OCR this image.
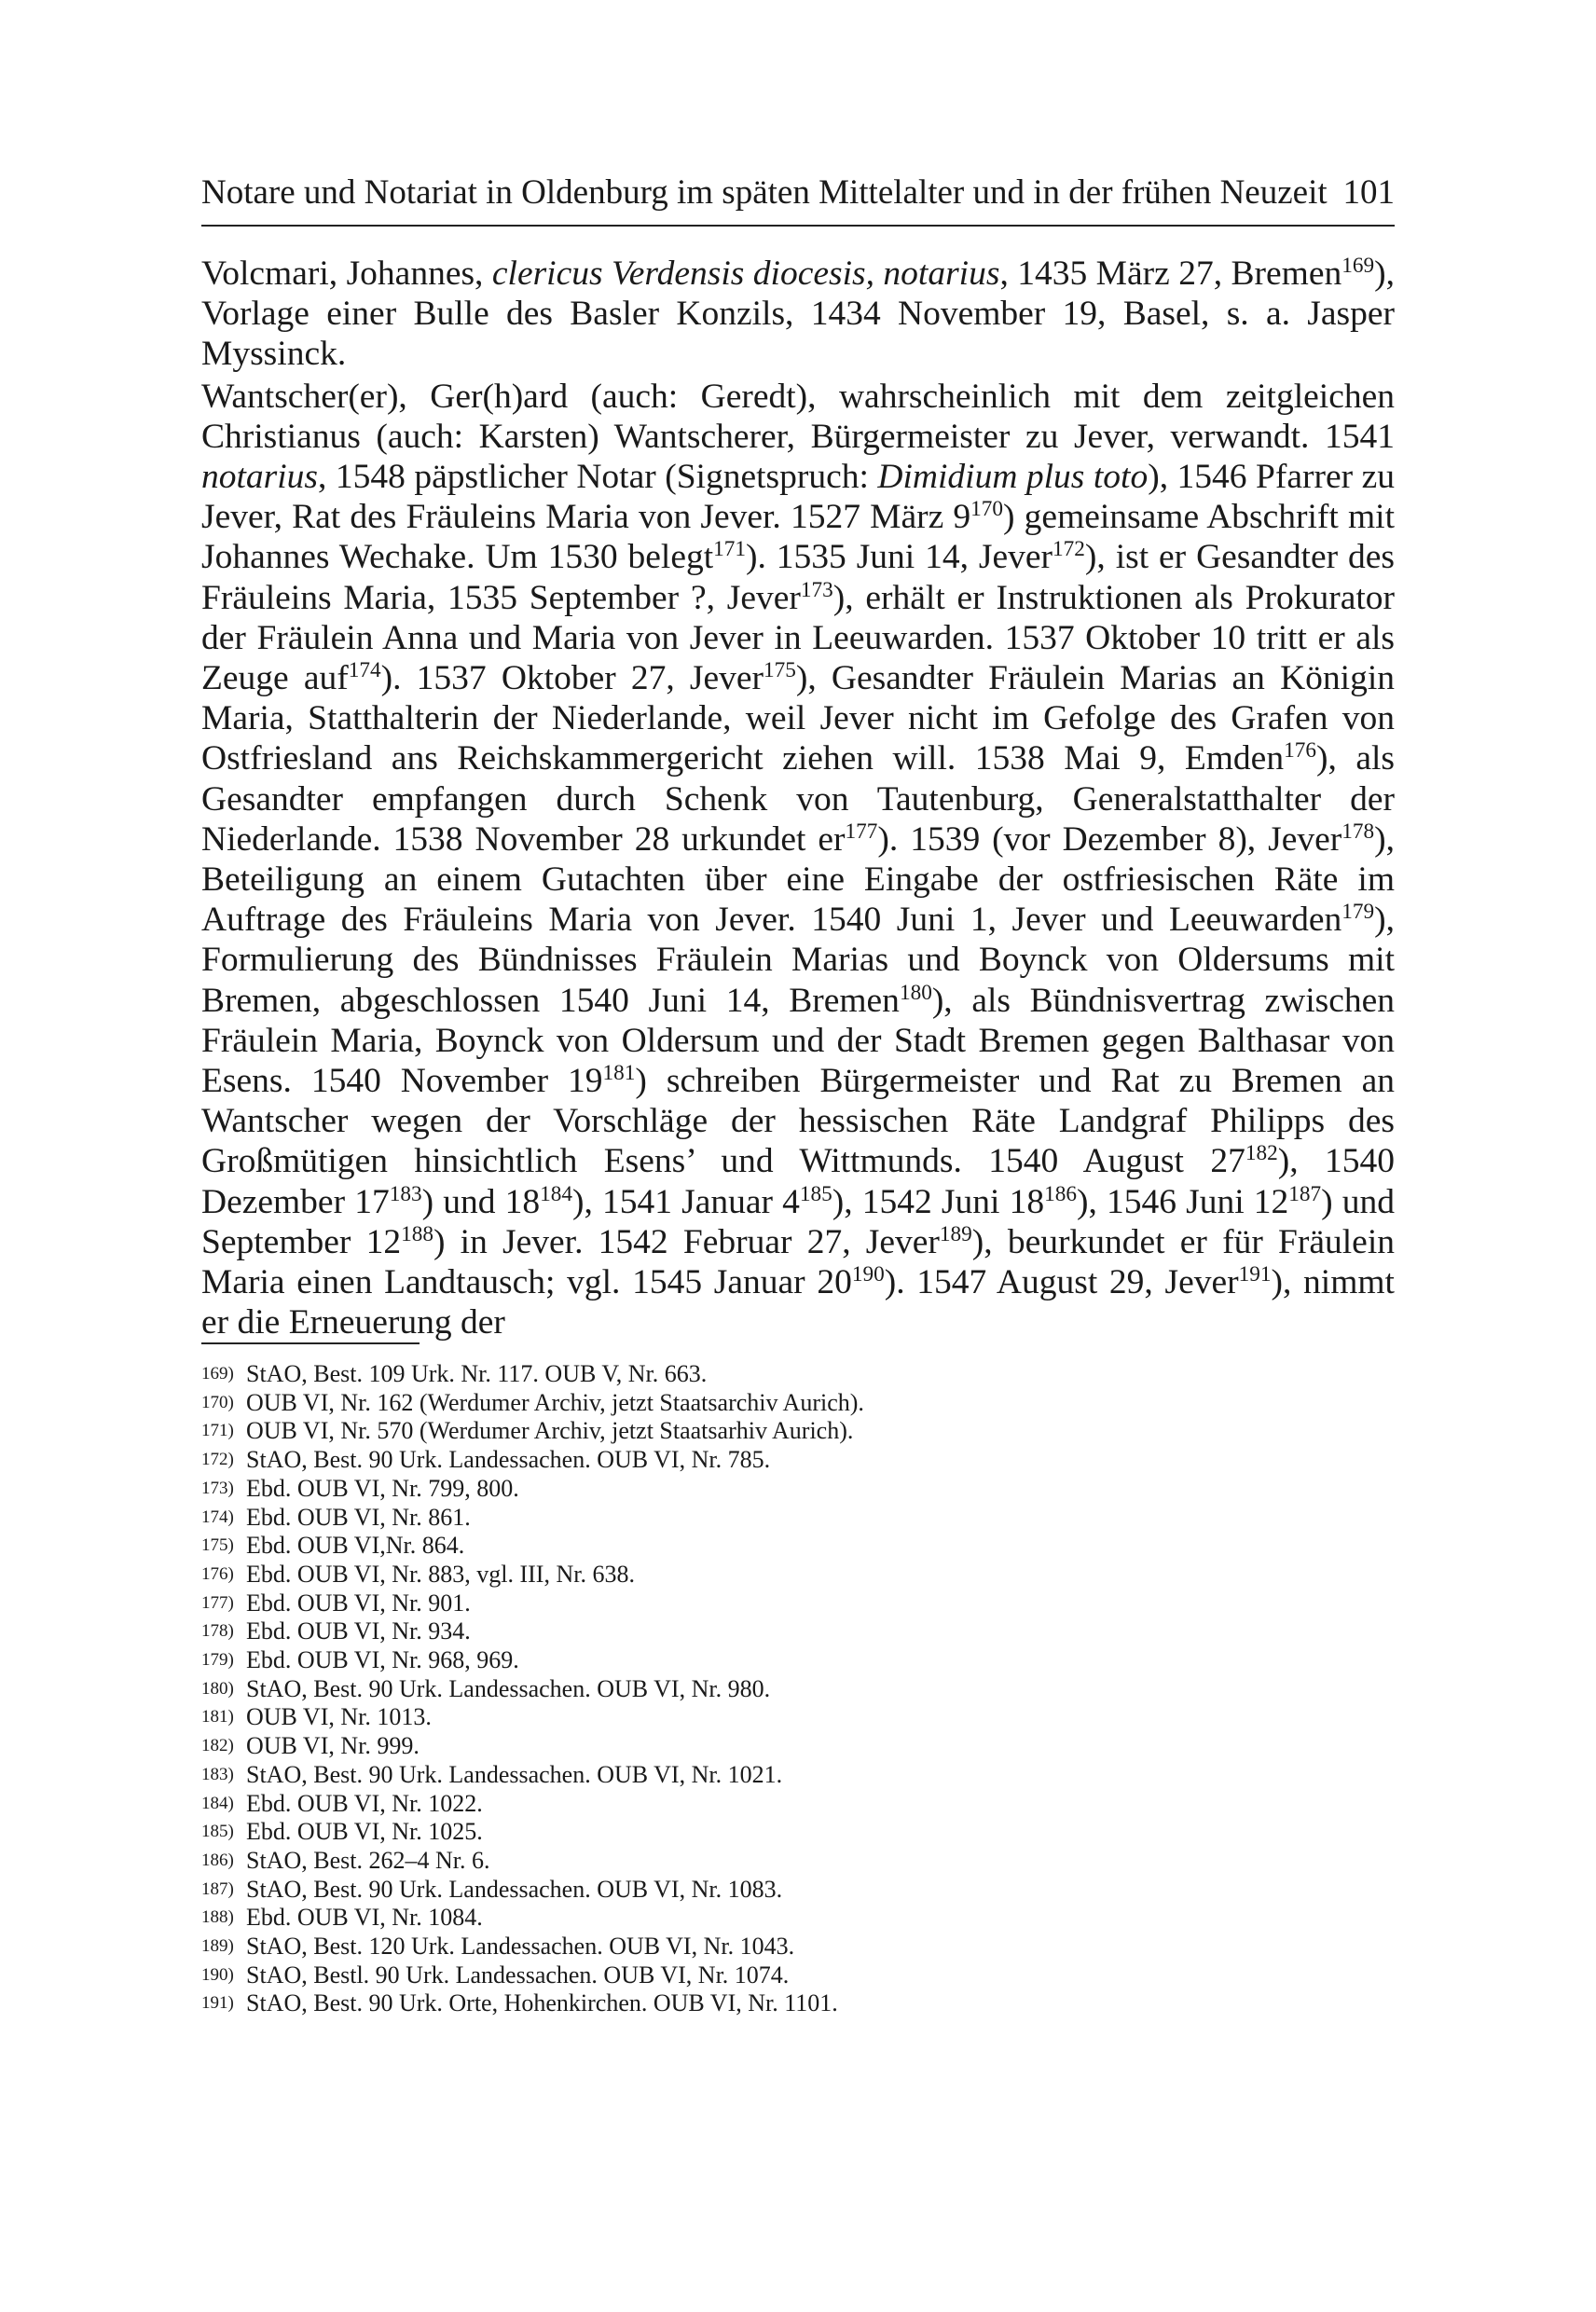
Notare und Notariat in Oldenburg im späten Mittelalter und in der frühen Neuzeit 101

Volcmari, Johannes, clericus Verdensis diocesis, notarius, 1435 März 27, Bremen$^{169}$), Vorlage einer Bulle des Basler Konzils, 1434 November 19, Basel, s. a. Jasper Myssinck.

Wantscher(er), Ger(h)ard (auch: Geredt), wahrscheinlich mit dem zeitgleichen Christianus (auch: Karsten) Wantscherer, Bürgermeister zu Jever, verwandt. 1541 notarius, 1548 päpstlicher Notar (Signetspruch: Dimidium plus toto), 1546 Pfarrer zu Jever, Rat des Fräuleins Maria von Jever. 1527 März $9^{170}$) gemeinsame Abschrift mit Johannes Wechake. Um 1530 belegt$^{171}$). 1535 Juni 14, Jever$^{172}$), ist er Gesandter des Fräuleins Maria, 1535 September ?, Jever$^{173}$), erhält er Instruktionen als Prokurator der Fräulein Anna und Maria von Jever in Leeuwarden. 1537 Oktober 10 tritt er als Zeuge auf$^{174}$). 1537 Oktober 27, Jever$^{175}$), Gesandter Fräulein Marias an Königin Maria, Statthalterin der Niederlande, weil Jever nicht im Gefolge des Grafen von Ostfriesland ans Reichskammergericht ziehen will. 1538 Mai 9, Emden$^{176}$), als Gesandter empfangen durch Schenk von Tautenburg, Generalstatthalter der Niederlande. 1538 November 28 urkundet $er^{177}$). 1539 (vor Dezember 8), Jever$^{178}$), Beteiligung an einem Gutachten über eine Eingabe der ostfriesischen Räte im Auftrage des Fräuleins Maria von Jever. 1540 Juni 1, Jever und Leeuwarden$^{179}$), Formulierung des Bündnisses Fräulein Marias und Boynck von Oldersums mit Bremen, abgeschlossen 1540 Juni 14, Bremen$^{180}$), als Bündnisvertrag zwischen Fräulein Maria, Boynck von Oldersum und der Stadt Bremen gegen Balthasar von Esens. 1540 November $19^{181}$) schreiben Bürgermeister und Rat zu Bremen an Wantscher wegen der Vorschläge der hessischen Räte Landgraf Philipps des Großmütigen hinsichtlich Esens’ und Wittmunds. 1540 August $27^{182}$), 1540 Dezember $17^{183}$) und $18^{184}$), 1541 Januar $4^{185}$), 1542 Juni $18^{186}$), 1546 Juni $12^{187}$) und September $12^{188}$) in Jever. 1542 Februar 27, Jever$^{189}$), beurkundet er für Fräulein Maria einen Landtausch; vgl. 1545 Januar $20^{190}$). 1547 August 29, Jever$^{191}$), nimmt er die Erneuerung der

169) StAO, Best. 109 Urk. Nr. 117. OUB V, Nr. 663.
170) OUB VI, Nr. 162 (Werdumer Archiv, jetzt Staatsarchiv Aurich).
171) OUB VI, Nr. 570 (Werdumer Archiv, jetzt Staatsarhiv Aurich).
172) StAO, Best. 90 Urk. Landessachen. OUB VI, Nr. 785.
173) Ebd. OUB VI, Nr. 799, 800.
174) Ebd. OUB VI, Nr. 861.
175) Ebd. OUB VI,Nr. 864.
176) Ebd. OUB VI, Nr. 883, vgl. III, Nr. 638.
177) Ebd. OUB VI, Nr. 901.
178) Ebd. OUB VI, Nr. 934.
179) Ebd. OUB VI, Nr. 968, 969.
180) StAO, Best. 90 Urk. Landessachen. OUB VI, Nr. 980.
181) OUB VI, Nr. 1013.
182) OUB VI, Nr. 999.
183) StAO, Best. 90 Urk. Landessachen. OUB VI, Nr. 1021.
184) Ebd. OUB VI, Nr. 1022.
185) Ebd. OUB VI, Nr. 1025.
186) StAO, Best. 262–4 Nr. 6.
187) StAO, Best. 90 Urk. Landessachen. OUB VI, Nr. 1083.
188) Ebd. OUB VI, Nr. 1084.
189) StAO, Best. 120 Urk. Landessachen. OUB VI, Nr. 1043.
190) StAO, Bestl. 90 Urk. Landessachen. OUB VI, Nr. 1074.
191) StAO, Best. 90 Urk. Orte, Hohenkirchen. OUB VI, Nr. 1101.
